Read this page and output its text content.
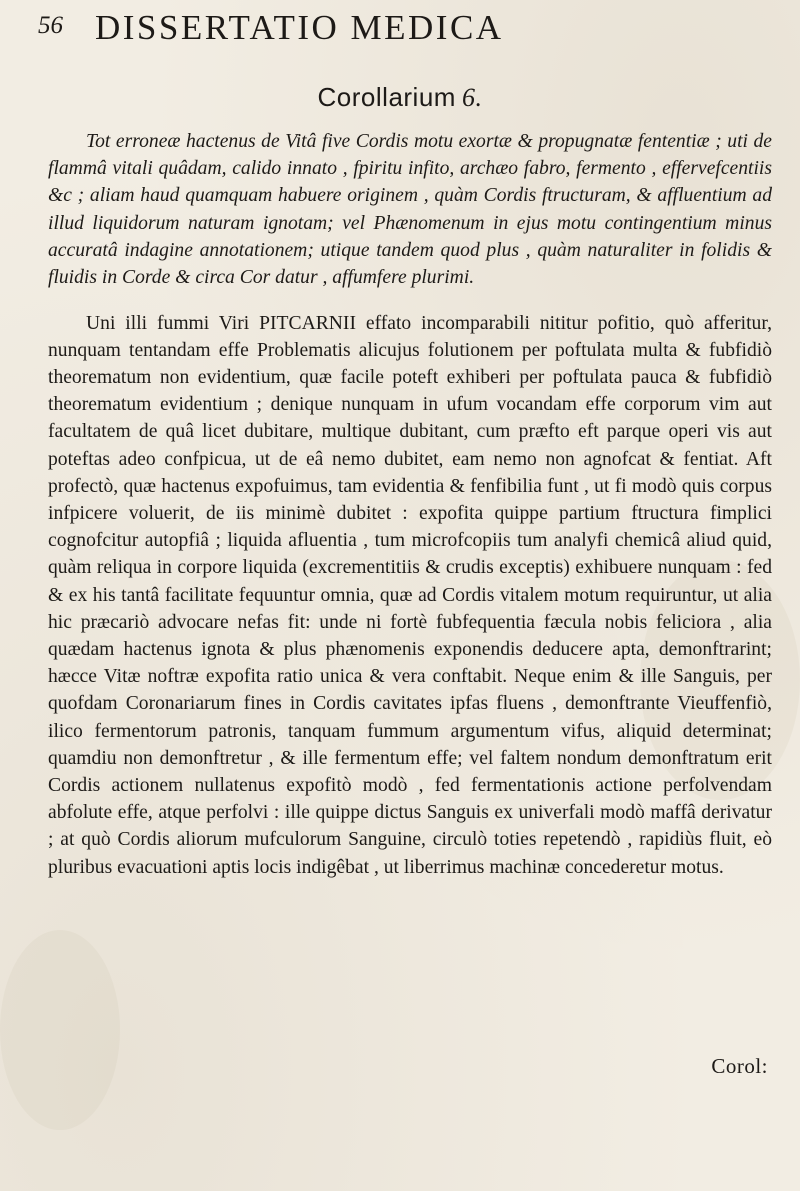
56 DISSERTATIO MEDICA
Corollarium 6.

Tot erroneæ hactenus de Vitâ five Cordis motu exortæ & propugnatæ fententiæ ; uti de flammâ vitali quâdam, calido innato , fpiritu infito, archæo fabro, fermento , effervefcentiis &c ; aliam haud quamquam habuere originem , quàm Cordis ftructuram, & affluentium ad illud liquidorum naturam ignotam; vel Phænomenum in ejus motu contingentium minus accuratâ indagine annotationem; utique tandem quod plus , quàm naturaliter in folidis & fluidis in Corde & circa Cor datur , affumfere plurimi.

Uni illi fummi Viri PITCARNII effato incomparabili nititur pofitio, quò afferitur, nunquam tentandam effe Problematis alicujus folutionem per poftulata multa & fubfidiò theorematum non evidentium, quæ facile poteft exhiberi per poftulata pauca & fubfidiò theorematum evidentium ; denique nunquam in ufum vocandam effe corporum vim aut facultatem de quâ licet dubitare, multique dubitant, cum præfto eft parque operi vis aut poteftas adeo confpicua, ut de eâ nemo dubitet, eam nemo non agnofcat & fentiat. Aft profectò, quæ hactenus expofuimus, tam evidentia & fenfibilia funt , ut fi modò quis corpus infpicere voluerit, de iis minimè dubitet : expofita quippe partium ftructura fimplici cognofcitur autopfiâ ; liquida afluentia , tum microfcopiis tum analyfi chemicâ aliud quid, quàm reliqua in corpore liquida (excrementitiis & crudis exceptis) exhibuere nunquam : fed & ex his tantâ facilitate fequuntur omnia, quæ ad Cordis vitalem motum requiruntur, ut alia hic præcariò advocare nefas fit: unde ni fortè fubfequentia fæcula nobis feliciora , alia quædam hactenus ignota & plus phænomenis exponendis deducere apta, demonftrarint; hæcce Vitæ noftræ expofita ratio unica & vera conftabit. Neque enim & ille Sanguis, per quofdam Coronariarum fines in Cordis cavitates ipfas fluens , demonftrante Vieuffenfiò, ilico fermentorum patronis, tanquam fummum argumentum vifus, aliquid determinat; quamdiu non demonftretur , & ille fermentum effe; vel faltem nondum demonftratum erit Cordis actionem nullatenus expofitò modò , fed fermentationis actione perfolvendam abfolute effe, atque perfolvi : ille quippe dictus Sanguis ex univerfali modò maffâ derivatur ; at quò Cordis aliorum mufculorum Sanguine, circulò toties repetendò , rapidiùs fluit, eò pluribus evacuationi aptis locis indigêbat , ut liberrimus machinæ concederetur motus.

Corol:
